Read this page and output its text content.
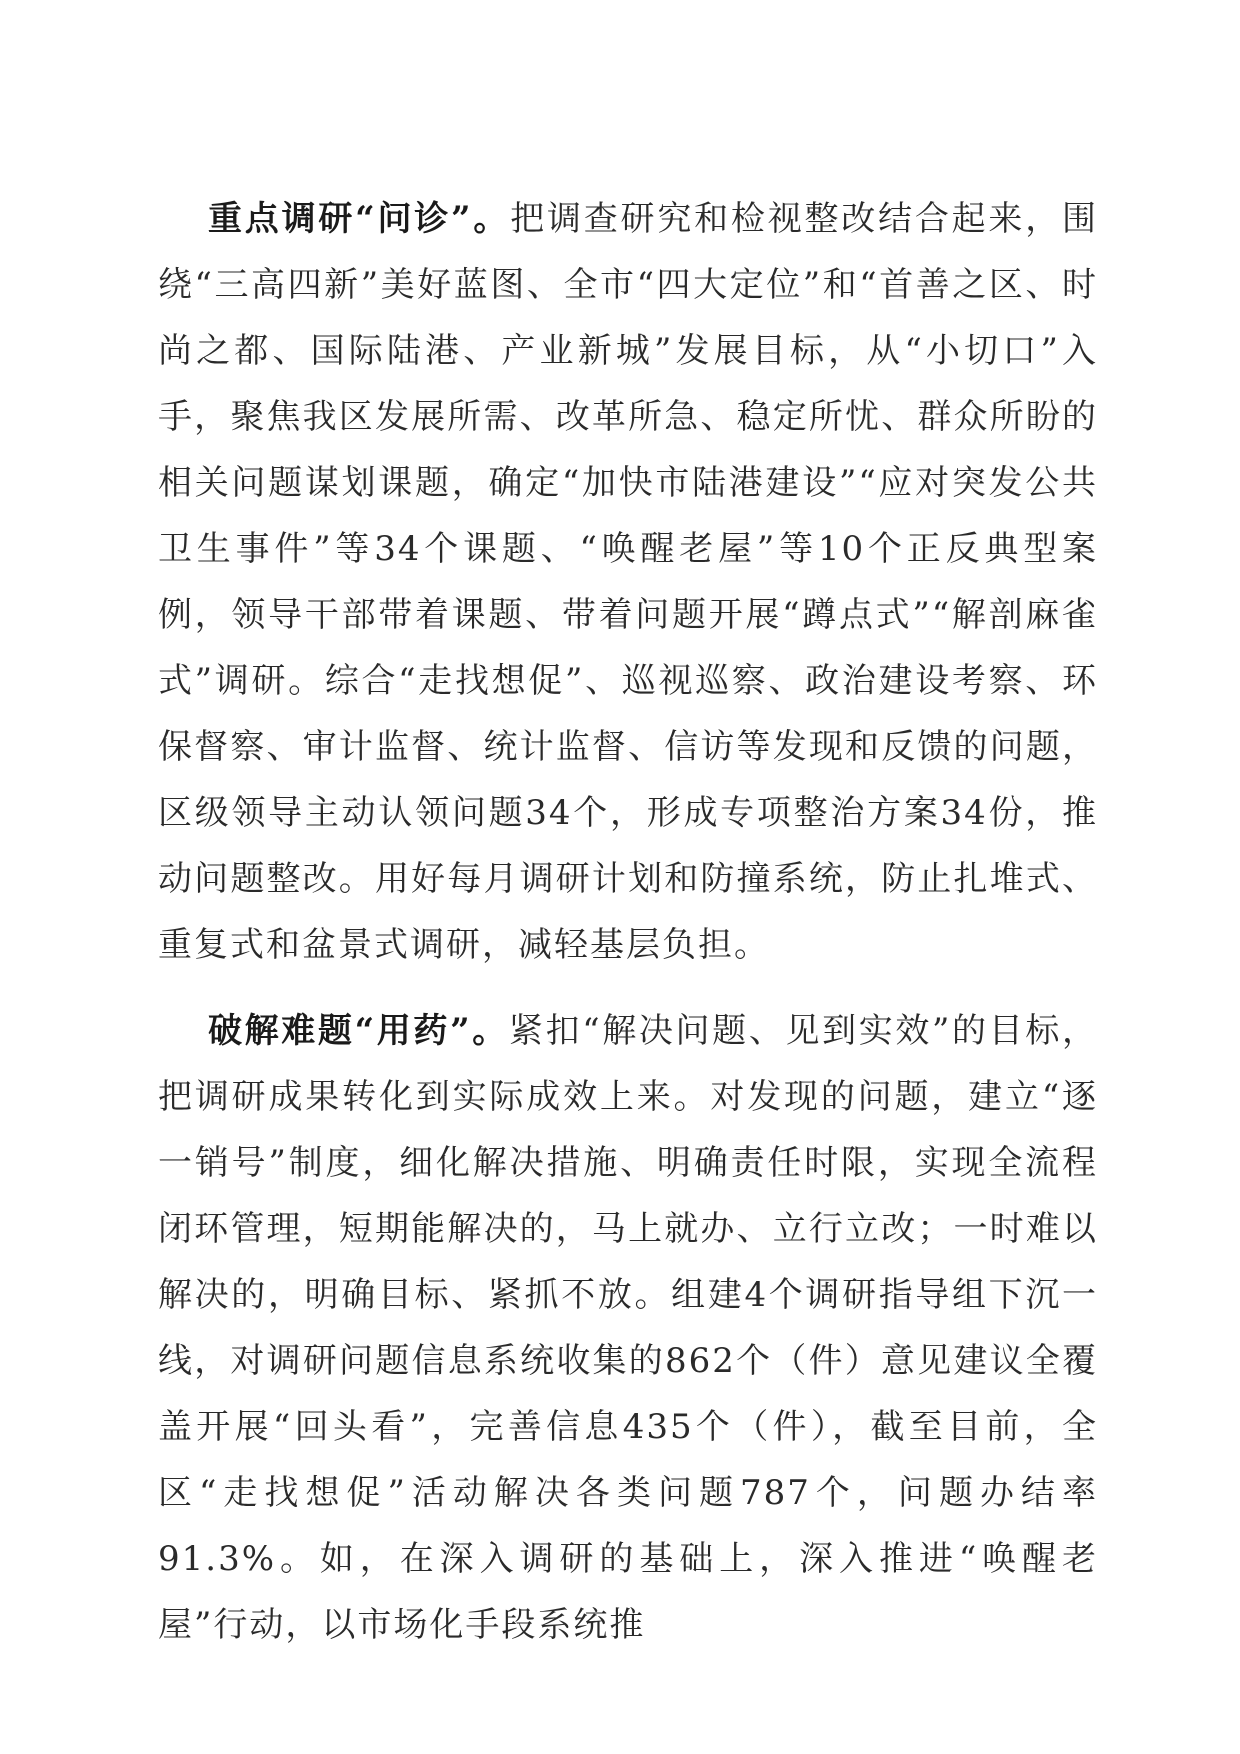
重点调研“问诊”。把调查研究和检视整改结合起来，围绕“三高四新”美好蓝图、全市“四大定位”和“首善之区、时尚之都、国际陆港、产业新城”发展目标，从“小切口”入手，聚焦我区发展所需、改革所急、稳定所忧、群众所盼的相关问题谋划课题，确定“加快市陆港建设”“应对突发公共卫生事件”等34个课题、“唤醒老屋”等10个正反典型案例，领导干部带着课题、带着问题开展“蹲点式”“解剖麻雀式”调研。综合“走找想促”、巡视巡察、政治建设考察、环保督察、审计监督、统计监督、信访等发现和反馈的问题，区级领导主动认领问题34个，形成专项整治方案34份，推动问题整改。用好每月调研计划和防撞系统，防止扎堆式、重复式和盆景式调研，减轻基层负担。

破解难题“用药”。紧扣“解决问题、见到实效”的目标，把调研成果转化到实际成效上来。对发现的问题，建立“逐一销号”制度，细化解决措施、明确责任时限，实现全流程闭环管理，短期能解决的，马上就办、立行立改；一时难以解决的，明确目标、紧抓不放。组建4个调研指导组下沉一线，对调研问题信息系统收集的862个（件）意见建议全覆盖开展“回头看”，完善信息435个（件），截至目前，全区“走找想促”活动解决各类问题787个，问题办结率91.3%。如，在深入调研的基础上，深入推进“唤醒老屋”行动，以市场化手段系统推
